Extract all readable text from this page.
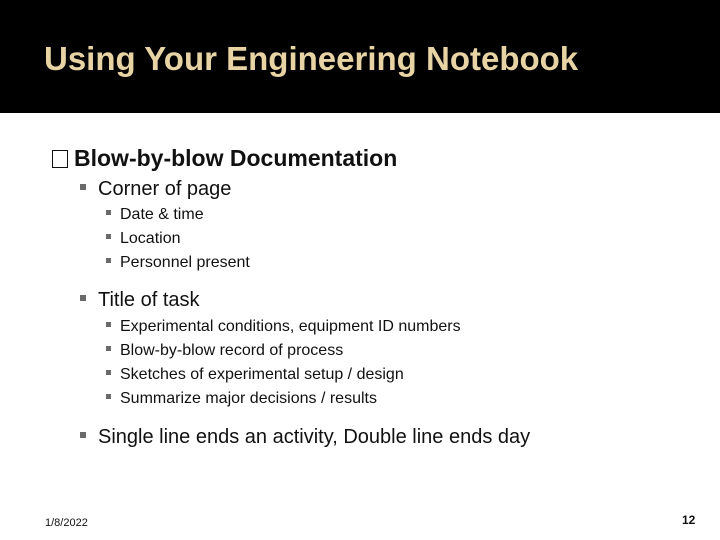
Using Your Engineering Notebook
Blow-by-blow Documentation
Corner of page
Date & time
Location
Personnel present
Title of task
Experimental conditions, equipment ID numbers
Blow-by-blow record of process
Sketches of experimental setup / design
Summarize major decisions / results
Single line ends an activity, Double line ends day
1/8/2022	12
